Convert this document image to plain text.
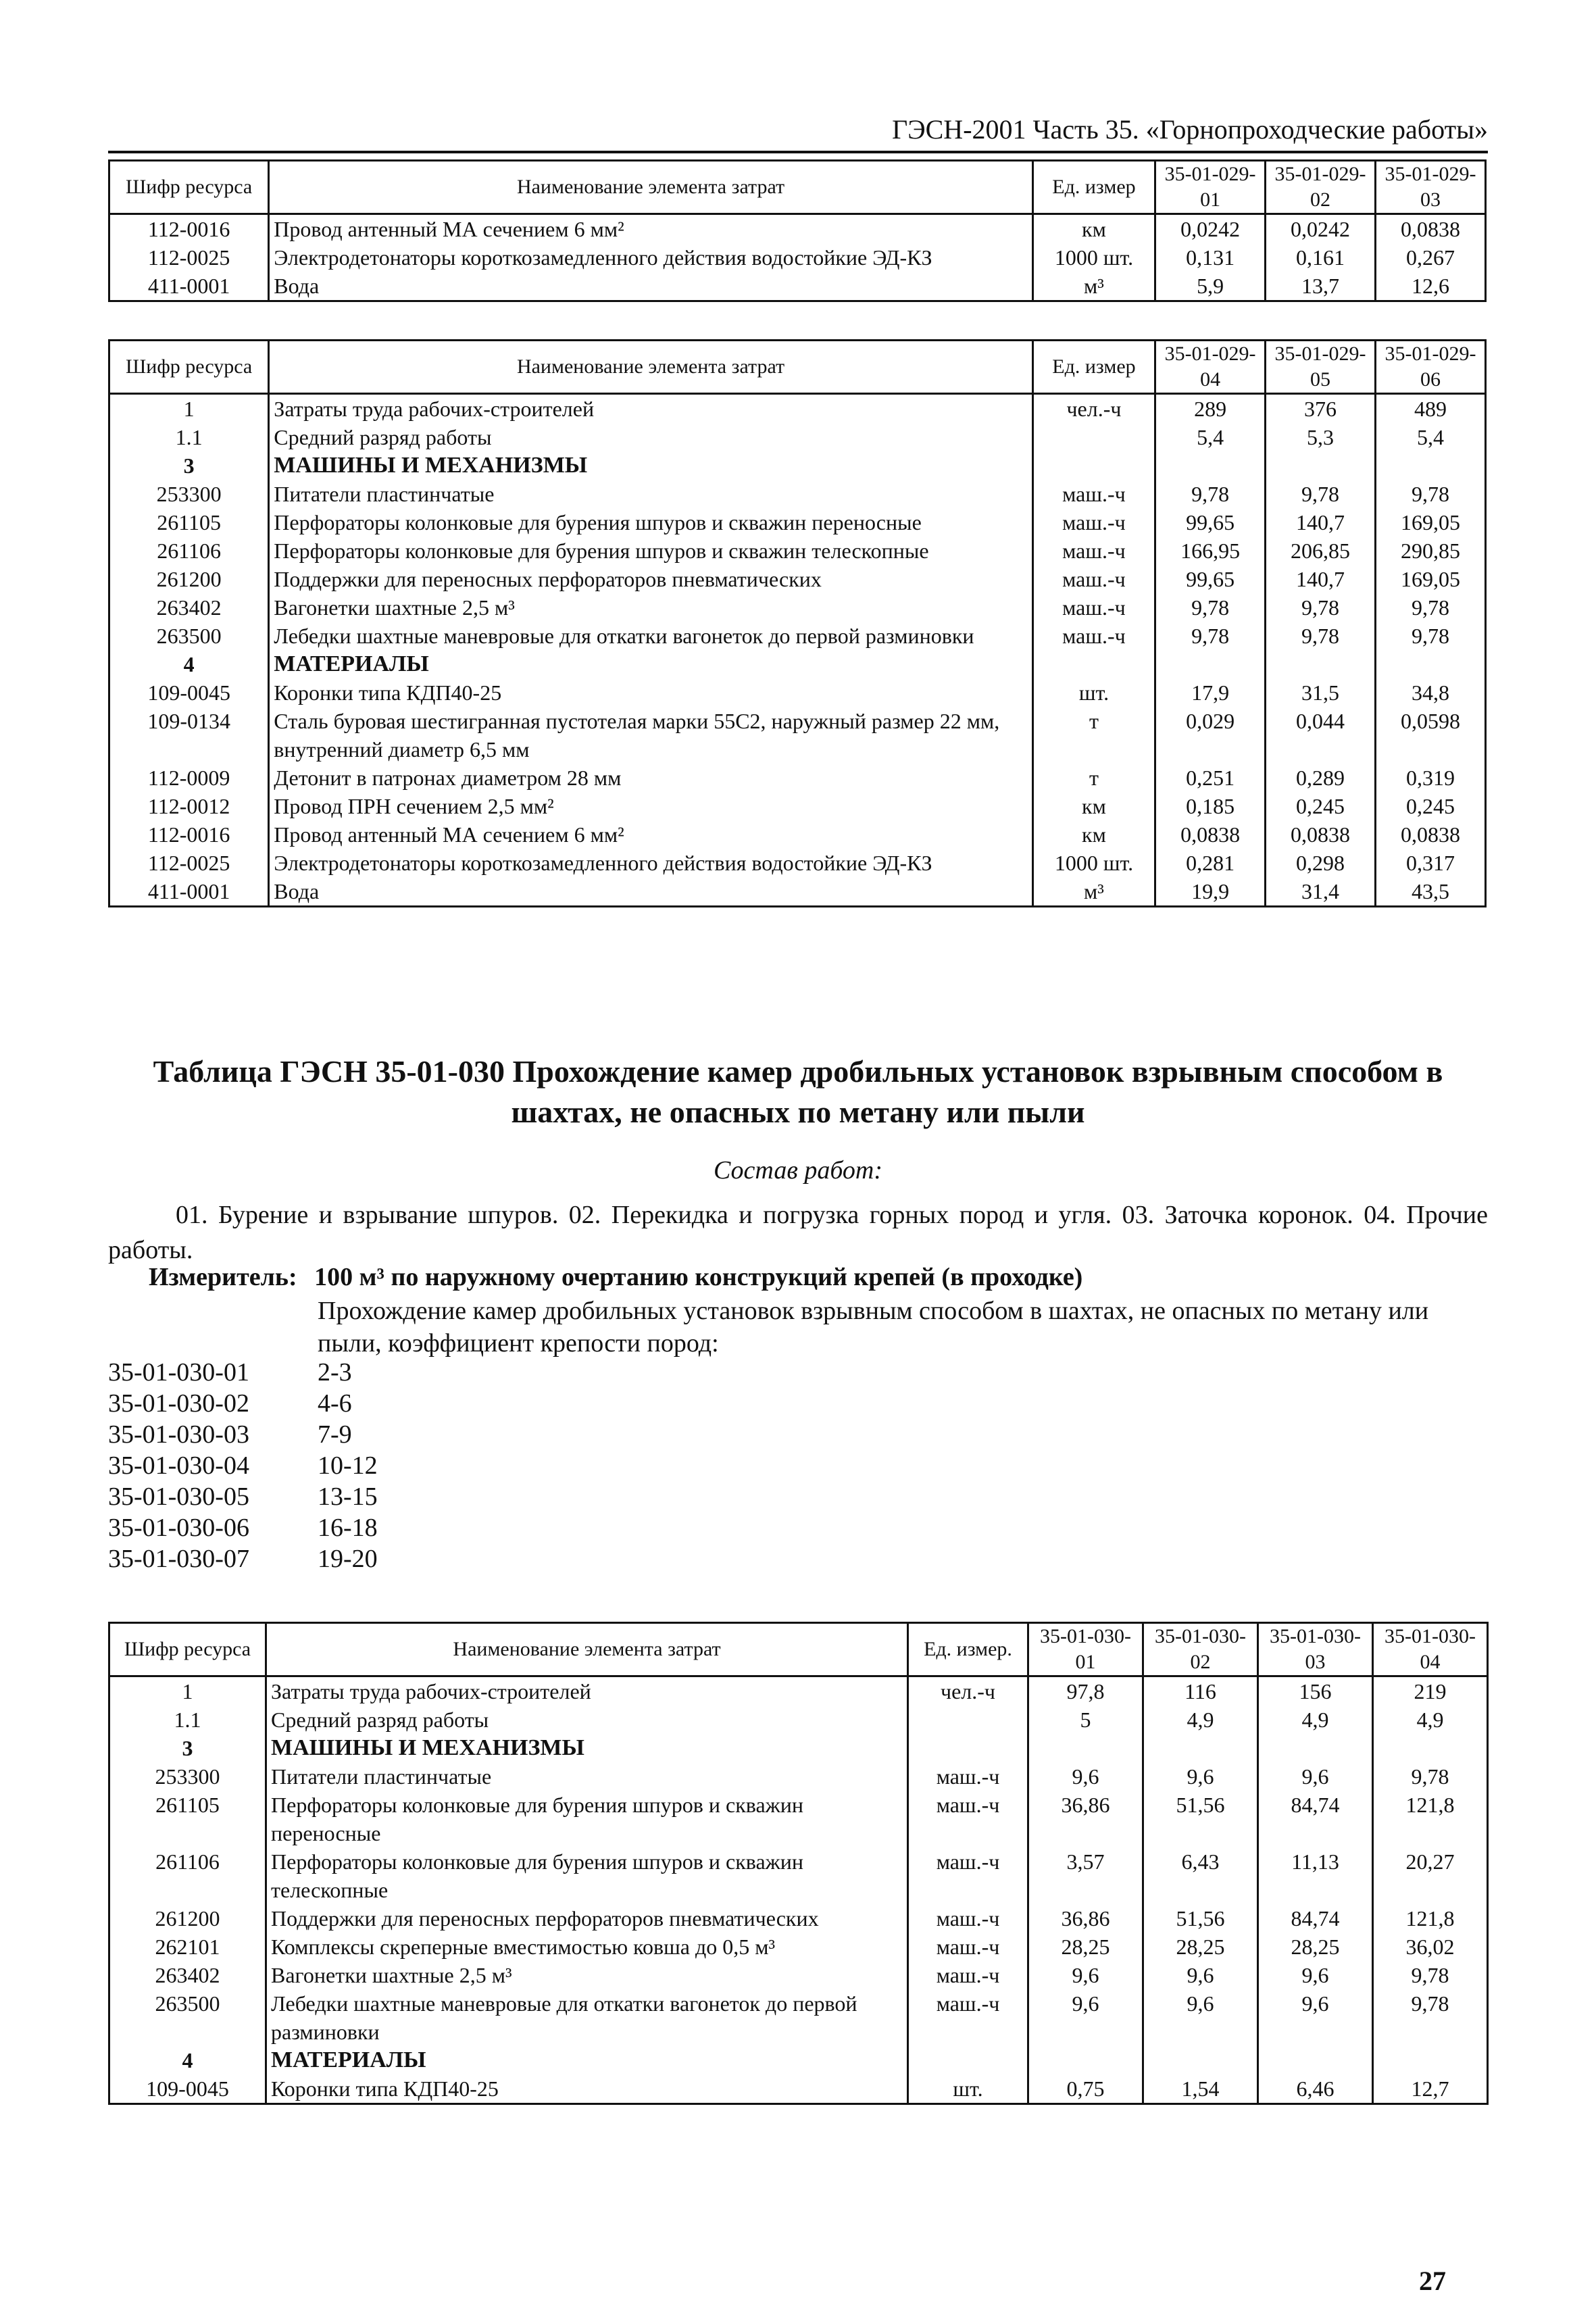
ГЭСН-2001 Часть 35. «Горнопроходческие работы»
Шифр ресурса	Наименование элемента затрат	Ед. измер	35-01-029-01	35-01-029-02	35-01-029-03
112-0016	Провод антенный МА сечением 6 мм²	км	0,0242	0,0242	0,0838
112-0025	Электродетонаторы короткозамедленного действия водостойкие ЭД-КЗ	1000 шт.	0,131	0,161	0,267
411-0001	Вода	м³	5,9	13,7	12,6
Шифр ресурса	Наименование элемента затрат	Ед. измер	35-01-029-04	35-01-029-05	35-01-029-06
1	Затраты труда рабочих-строителей	чел.-ч	289	376	489
1.1	Средний разряд работы		5,4	5,3	5,4
3	МАШИНЫ И МЕХАНИЗМЫ				
253300	Питатели пластинчатые	маш.-ч	9,78	9,78	9,78
261105	Перфораторы колонковые для бурения шпуров и скважин переносные	маш.-ч	99,65	140,7	169,05
261106	Перфораторы колонковые для бурения шпуров и скважин телескопные	маш.-ч	166,95	206,85	290,85
261200	Поддержки для переносных перфораторов пневматических	маш.-ч	99,65	140,7	169,05
263402	Вагонетки шахтные 2,5 м³	маш.-ч	9,78	9,78	9,78
263500	Лебедки шахтные маневровые для откатки вагонеток до первой разминовки	маш.-ч	9,78	9,78	9,78
4	МАТЕРИАЛЫ				
109-0045	Коронки типа КДП40-25	шт.	17,9	31,5	34,8
109-0134	Сталь буровая шестигранная пустотелая марки 55С2, наружный размер 22 мм, внутренний диаметр 6,5 мм	т	0,029	0,044	0,0598
112-0009	Детонит в патронах диаметром 28 мм	т	0,251	0,289	0,319
112-0012	Провод ПРН сечением 2,5 мм²	км	0,185	0,245	0,245
112-0016	Провод антенный МА сечением 6 мм²	км	0,0838	0,0838	0,0838
112-0025	Электродетонаторы короткозамедленного действия водостойкие ЭД-КЗ	1000 шт.	0,281	0,298	0,317
411-0001	Вода	м³	19,9	31,4	43,5
Таблица ГЭСН 35-01-030 Прохождение камер дробильных установок взрывным способом в шахтах, не опасных по метану или пыли
Состав работ:
01. Бурение и взрывание шпуров. 02. Перекидка и погрузка горных пород и угля. 03. Заточка коронок. 04. Прочие работы.
Измеритель: 100 м³ по наружному очертанию конструкций крепей (в проходке)
Прохождение камер дробильных установок взрывным способом в шахтах, не опасных по метану или пыли, коэффициент крепости пород:
35-01-030-01	2-3
35-01-030-02	4-6
35-01-030-03	7-9
35-01-030-04	10-12
35-01-030-05	13-15
35-01-030-06	16-18
35-01-030-07	19-20
Шифр ресурса	Наименование элемента затрат	Ед. измер.	35-01-030-01	35-01-030-02	35-01-030-03	35-01-030-04
1	Затраты труда рабочих-строителей	чел.-ч	97,8	116	156	219
1.1	Средний разряд работы		5	4,9	4,9	4,9
3	МАШИНЫ И МЕХАНИЗМЫ					
253300	Питатели пластинчатые	маш.-ч	9,6	9,6	9,6	9,78
261105	Перфораторы колонковые для бурения шпуров и скважин переносные	маш.-ч	36,86	51,56	84,74	121,8
261106	Перфораторы колонковые для бурения шпуров и скважин телескопные	маш.-ч	3,57	6,43	11,13	20,27
261200	Поддержки для переносных перфораторов пневматических	маш.-ч	36,86	51,56	84,74	121,8
262101	Комплексы скреперные вместимостью ковша до 0,5 м³	маш.-ч	28,25	28,25	28,25	36,02
263402	Вагонетки шахтные 2,5 м³	маш.-ч	9,6	9,6	9,6	9,78
263500	Лебедки шахтные маневровые для откатки вагонеток до первой разминовки	маш.-ч	9,6	9,6	9,6	9,78
4	МАТЕРИАЛЫ					
109-0045	Коронки типа КДП40-25	шт.	0,75	1,54	6,46	12,7
27
